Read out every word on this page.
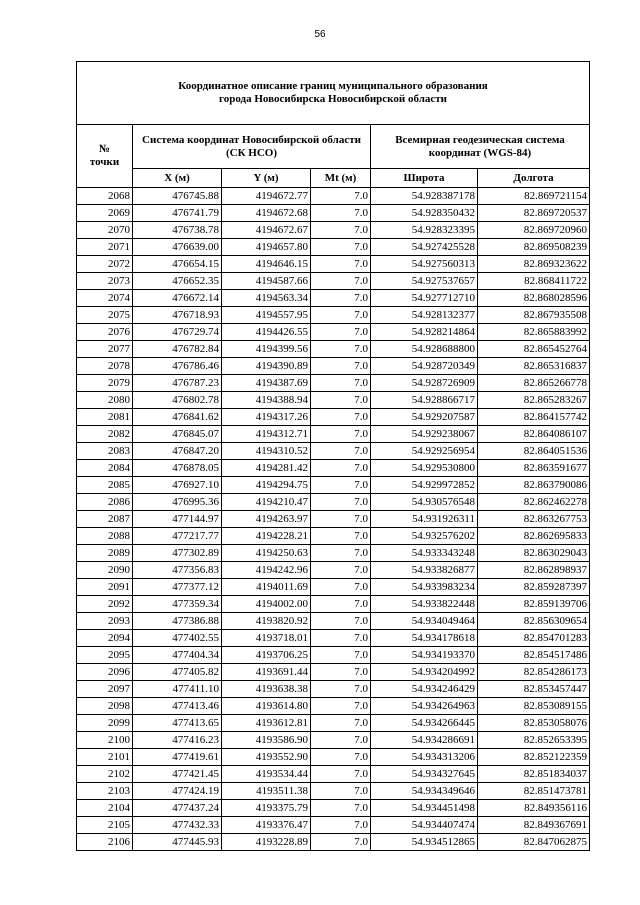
56
Координатное описание границ муниципального образования
города Новосибирска Новосибирской области					

№
точки	Система координат Новосибирской области (СК НСО)			Всемирная геодезическая система координат (WGS-84)	
	X (м)	Y (м)	Mt (м)	Широта	Долгота
2068	476745.88	4194672.77	7.0	54.928387178	82.869721154
2069	476741.79	4194672.68	7.0	54.928350432	82.869720537
2070	476738.78	4194672.67	7.0	54.928323395	82.869720960
2071	476639.00	4194657.80	7.0	54.927425528	82.869508239
2072	476654.15	4194646.15	7.0	54.927560313	82.869323622
2073	476652.35	4194587.66	7.0	54.927537657	82.868411722
2074	476672.14	4194563.34	7.0	54.927712710	82.868028596
2075	476718.93	4194557.95	7.0	54.928132377	82.867935508
2076	476729.74	4194426.55	7.0	54.928214864	82.865883992
2077	476782.84	4194399.56	7.0	54.928688800	82.865452764
2078	476786.46	4194390.89	7.0	54.928720349	82.865316837
2079	476787.23	4194387.69	7.0	54.928726909	82.865266778
2080	476802.78	4194388.94	7.0	54.928866717	82.865283267
2081	476841.62	4194317.26	7.0	54.929207587	82.864157742
2082	476845.07	4194312.71	7.0	54.929238067	82.864086107
2083	476847.20	4194310.52	7.0	54.929256954	82.864051536
2084	476878.05	4194281.42	7.0	54.929530800	82.863591677
2085	476927.10	4194294.75	7.0	54.929972852	82.863790086
2086	476995.36	4194210.47	7.0	54.930576548	82.862462278
2087	477144.97	4194263.97	7.0	54.931926311	82.863267753
2088	477217.77	4194228.21	7.0	54.932576202	82.862695833
2089	477302.89	4194250.63	7.0	54.933343248	82.863029043
2090	477356.83	4194242.96	7.0	54.933826877	82.862898937
2091	477377.12	4194011.69	7.0	54.933983234	82.859287397
2092	477359.34	4194002.00	7.0	54.933822448	82.859139706
2093	477386.88	4193820.92	7.0	54.934049464	82.856309654
2094	477402.55	4193718.01	7.0	54.934178618	82.854701283
2095	477404.34	4193706.25	7.0	54.934193370	82.854517486
2096	477405.82	4193691.44	7.0	54.934204992	82.854286173
2097	477411.10	4193638.38	7.0	54.934246429	82.853457447
2098	477413.46	4193614.80	7.0	54.934264963	82.853089155
2099	477413.65	4193612.81	7.0	54.934266445	82.853058076
2100	477416.23	4193586.90	7.0	54.934286691	82.852653395
2101	477419.61	4193552.90	7.0	54.934313206	82.852122359
2102	477421.45	4193534.44	7.0	54.934327645	82.851834037
2103	477424.19	4193511.38	7.0	54.934349646	82.851473781
2104	477437.24	4193375.79	7.0	54.934451498	82.849356116
2105	477432.33	4193376.47	7.0	54.934407474	82.849367691
2106	477445.93	4193228.89	7.0	54.934512865	82.847062875
